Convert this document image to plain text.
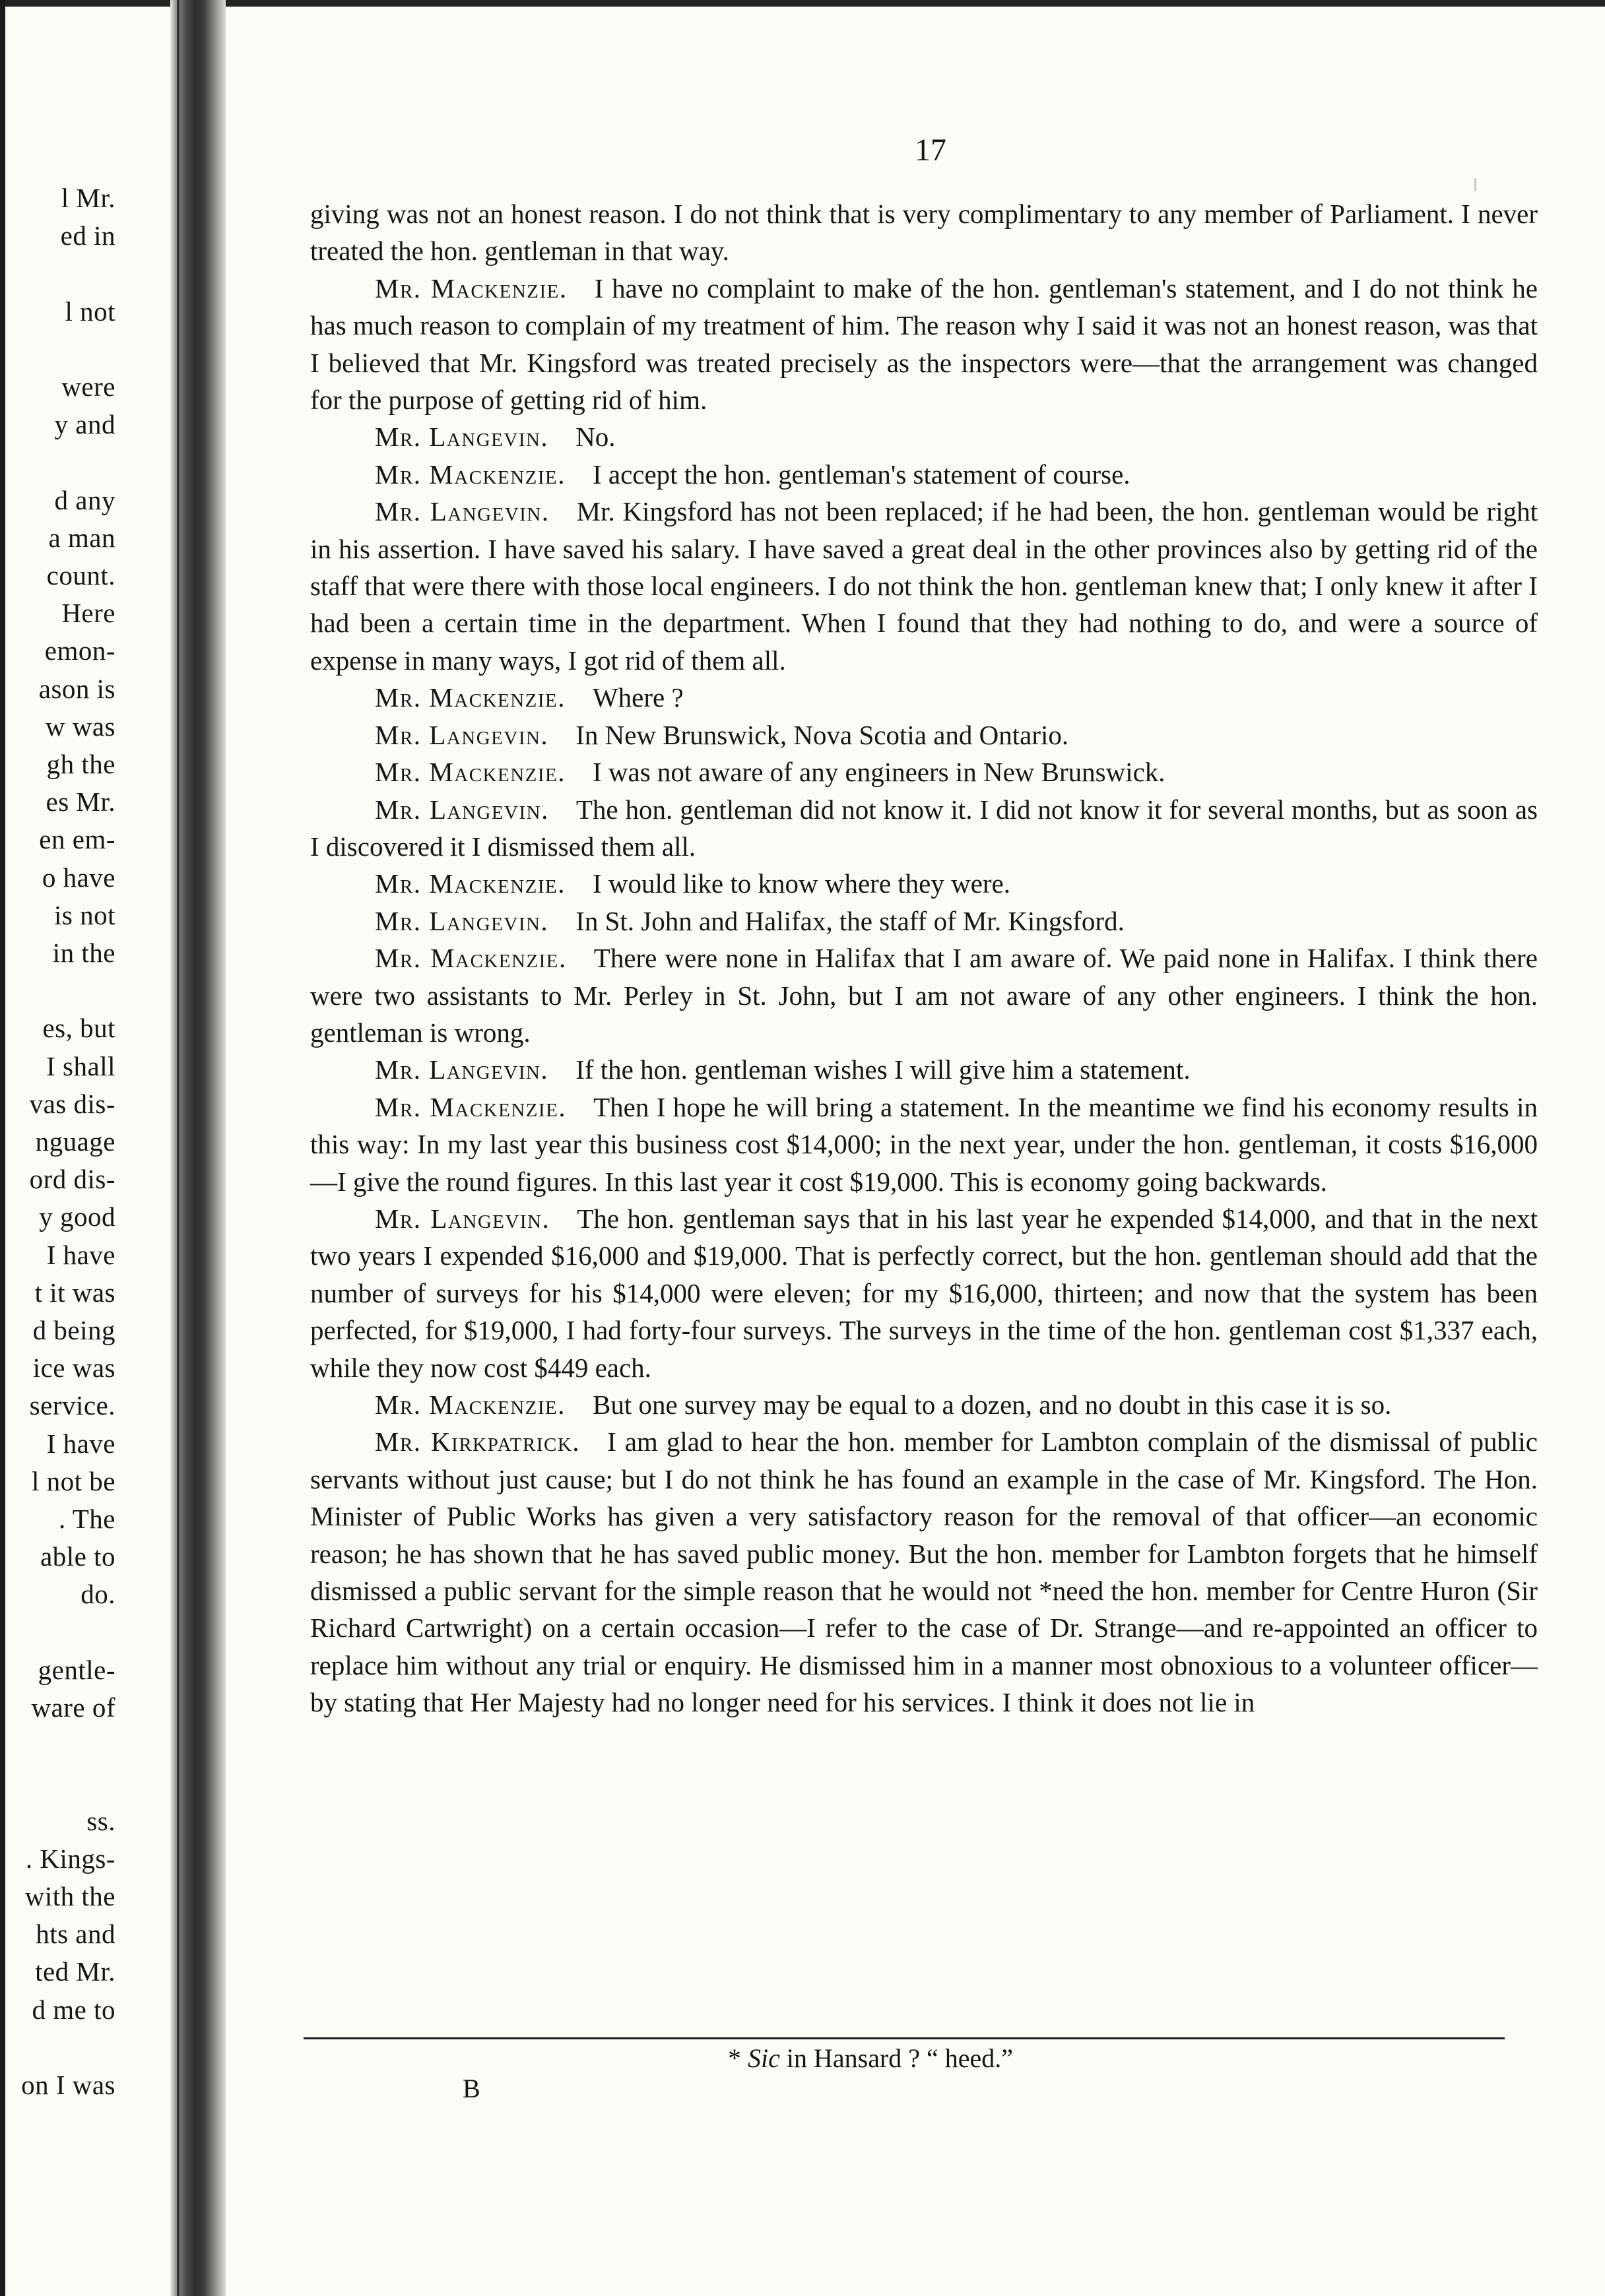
l Mr.
ed in
l not
were
y and
d any
a man
count.
Here
emon-
ason is
w was
gh the
es Mr.
en em-
o have
is not
in the
es, but
I shall
vas dis-
nguage
ord dis-
y good
I have
t it was
d being
ice was
service.
I have
l not be
. The
able to
do.
gentle-
ware of
ss.
. Kings-
with the
hts and
ted Mr.
d me to
on I was
17

giving was not an honest reason. I do not think that is very complimentary to any member of Parliament. I never treated the hon. gentleman in that way.

Mr. Mackenzie.   I have no complaint to make of the hon. gentleman's statement, and I do not think he has much reason to complain of my treatment of him. The reason why I said it was not an honest reason, was that I believed that Mr. Kingsford was treated precisely as the inspectors were—that the arrangement was changed for the purpose of getting rid of him.

Mr. Langevin.   No.

Mr. Mackenzie.   I accept the hon. gentleman's statement of course.

Mr. Langevin.   Mr. Kingsford has not been replaced; if he had been, the hon. gentleman would be right in his assertion. I have saved his salary. I have saved a great deal in the other provinces also by getting rid of the staff that were there with those local engineers. I do not think the hon. gentleman knew that; I only knew it after I had been a certain time in the department. When I found that they had nothing to do, and were a source of expense in many ways, I got rid of them all.

Mr. Mackenzie.   Where ?

Mr. Langevin.   In New Brunswick, Nova Scotia and Ontario.

Mr. Mackenzie.   I was not aware of any engineers in New Brunswick.

Mr. Langevin.   The hon. gentleman did not know it. I did not know it for several months, but as soon as I discovered it I dismissed them all.

Mr. Mackenzie.   I would like to know where they were.

Mr. Langevin.   In St. John and Halifax, the staff of Mr. Kingsford.

Mr. Mackenzie.   There were none in Halifax that I am aware of. We paid none in Halifax. I think there were two assistants to Mr. Perley in St. John, but I am not aware of any other engineers. I think the hon. gentleman is wrong.

Mr. Langevin.   If the hon. gentleman wishes I will give him a statement.

Mr. Mackenzie.   Then I hope he will bring a statement. In the meantime we find his economy results in this way: In my last year this business cost $14,000; in the next year, under the hon. gentleman, it costs $16,000—I give the round figures. In this last year it cost $19,000. This is economy going backwards.

Mr. Langevin.   The hon. gentleman says that in his last year he expended $14,000, and that in the next two years I expended $16,000 and $19,000. That is perfectly correct, but the hon. gentleman should add that the number of surveys for his $14,000 were eleven; for my $16,000, thirteen; and now that the system has been perfected, for $19,000, I had forty-four surveys. The surveys in the time of the hon. gentleman cost $1,337 each, while they now cost $449 each.

Mr. Mackenzie.   But one survey may be equal to a dozen, and no doubt in this case it is so.

Mr. Kirkpatrick.   I am glad to hear the hon. member for Lambton complain of the dismissal of public servants without just cause; but I do not think he has found an example in the case of Mr. Kingsford. The Hon. Minister of Public Works has given a very satisfactory reason for the removal of that officer—an economic reason; he has shown that he has saved public money. But the hon. member for Lambton forgets that he himself dismissed a public servant for the simple reason that he would not *need the hon. member for Centre Huron (Sir Richard Cartwright) on a certain occasion—I refer to the case of Dr. Strange—and re-appointed an officer to replace him without any trial or enquiry. He dismissed him in a manner most obnoxious to a volunteer officer—by stating that Her Majesty had no longer need for his services. I think it does not lie in

* Sic in Hansard ? “ heed.”
B
